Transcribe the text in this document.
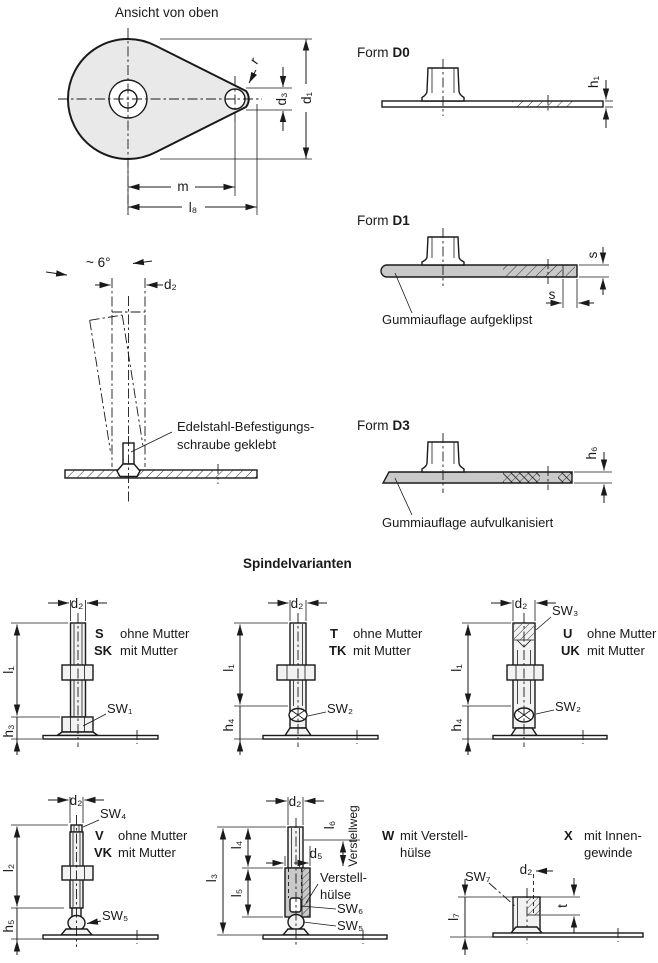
Ansicht von oben
r
d₃ d₁
m
l₈
Form D0
h₁
Form D1
s
s
Gummiauflage aufgeklipst
Form D3
h₆
Gummiauflage aufvulkanisiert
~ 6°
d₂
Edelstahl-Befestigungs-
schraube geklebt
Spindelvarianten
d₂
l₁
h₃
SW₁
S ohne Mutter
SK mit Mutter
d₂
l₁
h₄
SW₂
T ohne Mutter
TK mit Mutter
d₂ SW₃
l₁
h₄
SW₂
U ohne Mutter
UK mit Mutter
d₂
SW₄
l₂
h₅
SW₅
V ohne Mutter
VK mit Mutter
d₂
l₆ Verstellweg
d₅
l₄
l₅
l₃	Verstell-
hülse
SW₆
SW₅
W mit Verstell-
hülse
X mit Innen-
gewinde
SW₇ d₂
t
l₇
